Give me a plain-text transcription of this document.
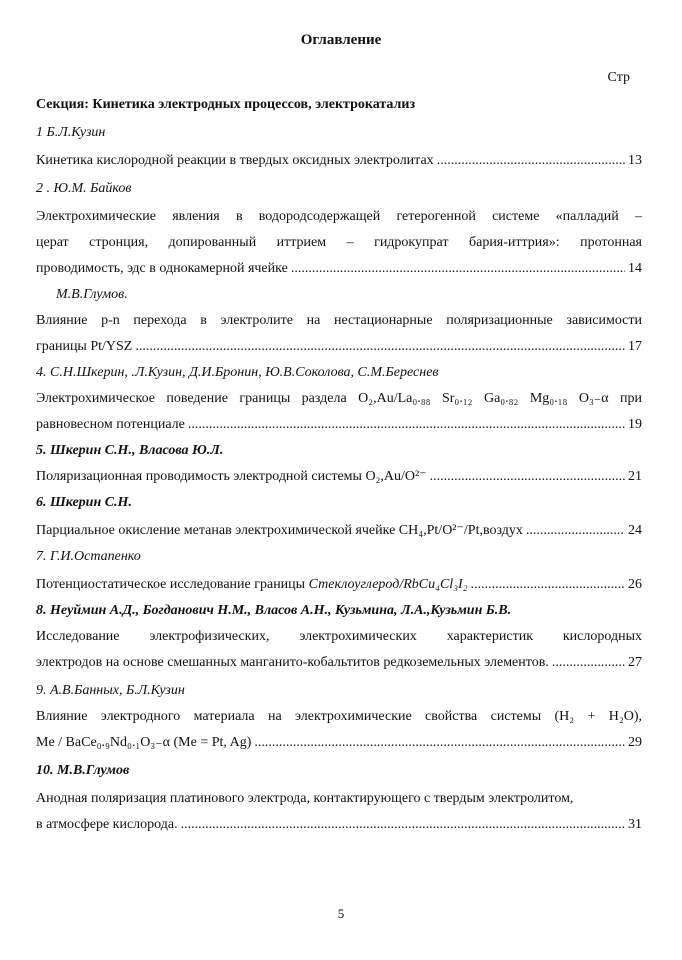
Оглавление
Стр
Секция: Кинетика электродных процессов, электрокатализ
1 Б.Л.Кузин
Кинетика кислородной реакции в твердых оксидных электролитах .....	13
2 . Ю.М. Байков
Электрохимические явления в водородсодержащей гетерогенной системе «палладий –
церат стронция, допированный иттрием – гидрокупрат бария-иттрия»: протонная
проводимость, эдс в однокамерной ячейке .....	14
М.В.Глумов.
Влияние p-n перехода в электролите на нестационарные поляризационные зависимости
границы Pt/YSZ .....	17
4. С.Н.Шкерин, .Л.Кузин, Д.И.Бронин, Ю.В.Соколова, С.М.Береснев
Электрохимическое поведение границы раздела O₂,Au/La₀.₈₈ Sr₀.₁₂ Ga₀.₈₂ Mg₀.₁₈ O₃₋α при
равновесном потенциале .....	19
5. Шкерин С.Н., Власова Ю.Л.
Поляризационная проводимость электродной системы O₂,Au/O²⁻ .....	21
6. Шкерин С.Н.
Парциальное окисление метанав электрохимической ячейке CH₄,Pt/O²⁻/Pt,воздух .....	24
7. Г.И.Остапенко
Потенциостатическое исследование границы Стеклоуглерод/RbCu₄Cl₃I₂ .....	26
8. Неуймин А.Д., Богданович Н.М., Власов А.Н., Кузьмина, Л.А.,Кузьмин Б.В.
Исследование электрофизических, электрохимических характеристик кислородных
электродов на основе смешанных манганито-кобальтитов редкоземельных элементов. .....	27
9. А.В.Банных, Б.Л.Кузин
Влияние электродного материала на электрохимические свойства системы (H₂ + H₂O),
Me / BaCe₀.₉Nd₀.₁O₃₋α (Me = Pt, Ag) .....	29
10. М.В.Глумов
Анодная поляризация платинового электрода, контактирующего с твердым электролитом,
в атмосфере кислорода. .....	31
5
